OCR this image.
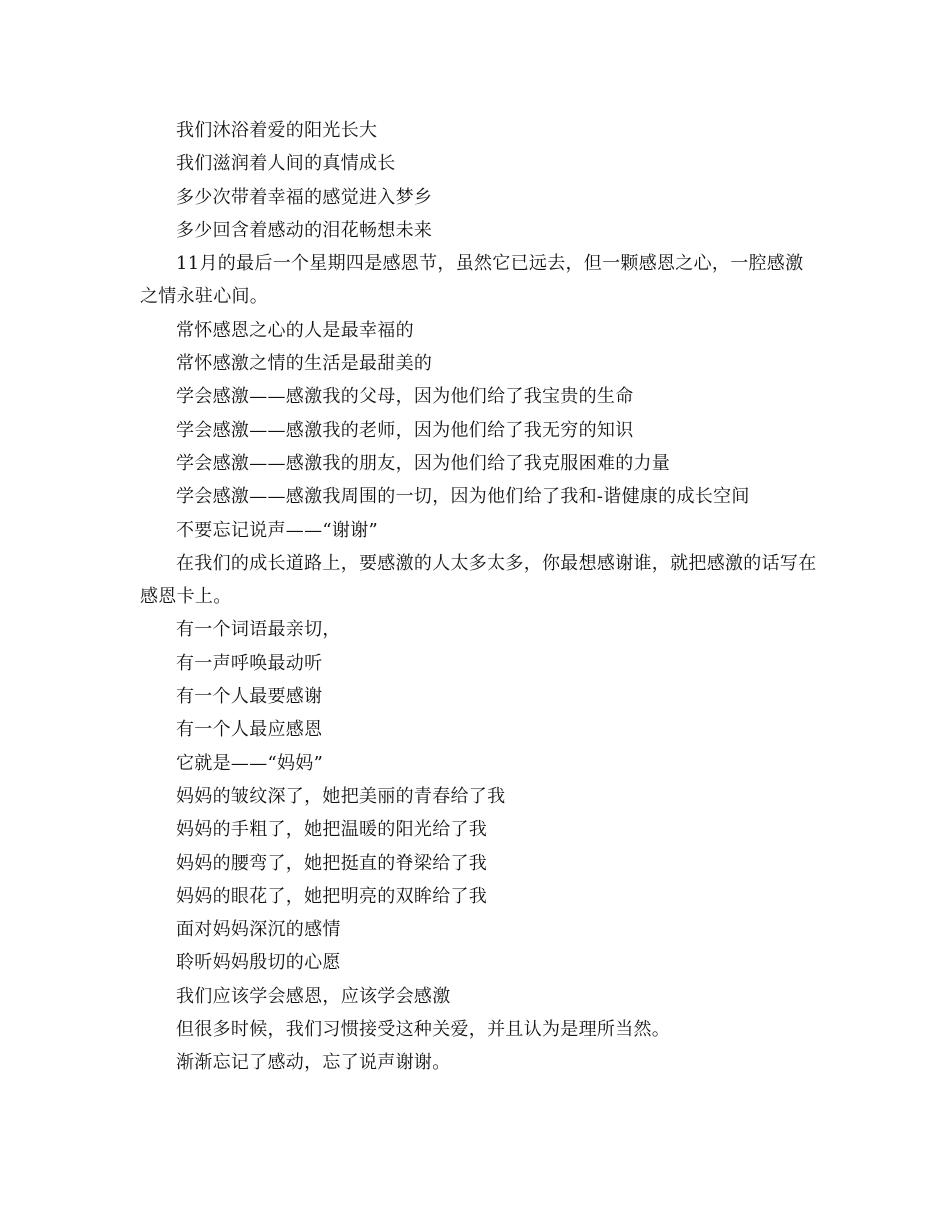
我们沐浴着爱的阳光长大

我们滋润着人间的真情成长

多少次带着幸福的感觉进入梦乡

多少回含着感动的泪花畅想未来

11月的最后一个星期四是感恩节，虽然它已远去，但一颗感恩之心，一腔感激之情永驻心间。

常怀感恩之心的人是最幸福的

常怀感激之情的生活是最甜美的

学会感激——感激我的父母，因为他们给了我宝贵的生命

学会感激——感激我的老师，因为他们给了我无穷的知识

学会感激——感激我的朋友，因为他们给了我克服困难的力量

学会感激——感激我周围的一切，因为他们给了我和-谐健康的成长空间

不要忘记说声——“谢谢”

在我们的成长道路上，要感激的人太多太多，你最想感谢谁，就把感激的话写在感恩卡上。

有一个词语最亲切，

有一声呼唤最动听

有一个人最要感谢

有一个人最应感恩

它就是——“妈妈”

妈妈的皱纹深了，她把美丽的青春给了我

妈妈的手粗了，她把温暖的阳光给了我

妈妈的腰弯了，她把挺直的脊梁给了我

妈妈的眼花了，她把明亮的双眸给了我

面对妈妈深沉的感情

聆听妈妈殷切的心愿

我们应该学会感恩，应该学会感激

但很多时候，我们习惯接受这种关爱，并且认为是理所当然。

渐渐忘记了感动，忘了说声谢谢。
